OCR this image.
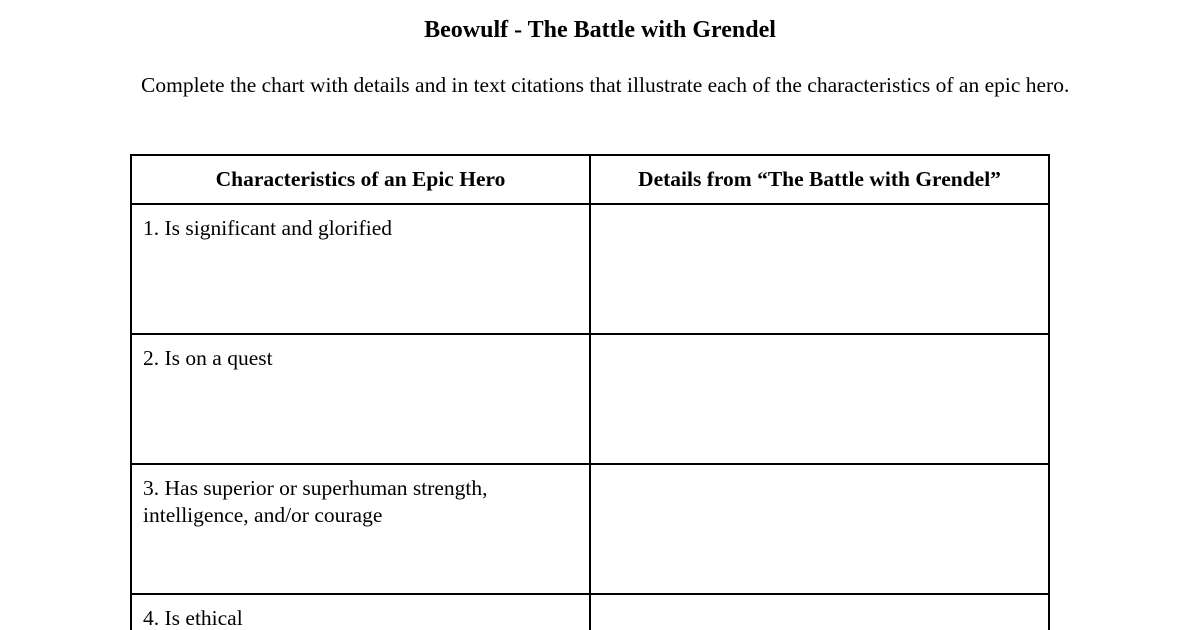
Beowulf - The Battle with Grendel
Complete the chart with details and in text citations that illustrate each of the characteristics of an epic hero.
Characteristics of an Epic Hero	Details from “The Battle with Grendel”

1. Is significant and glorified	

2. Is on a quest	

3. Has superior or superhuman strength, intelligence, and/or courage	

4. Is ethical	
